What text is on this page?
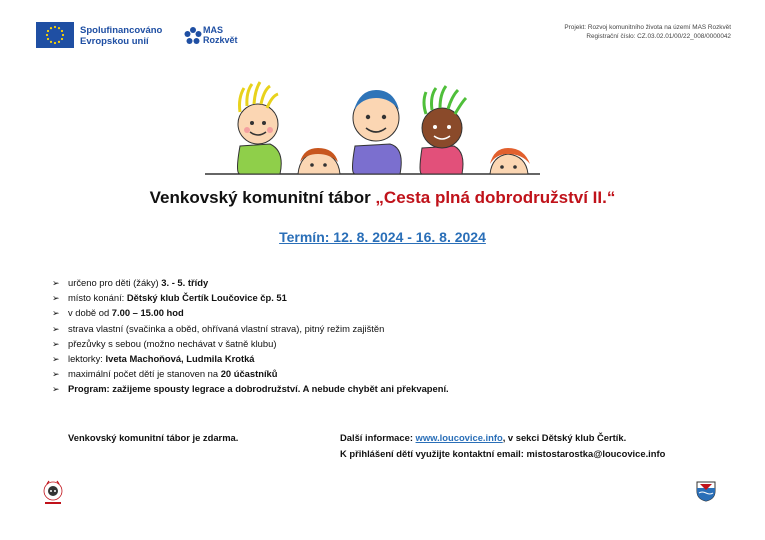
Spolufinancováno
Evropskou unií
MAS
Rozkvět
Projekt: Rozvoj komunitního života na území MAS Rozkvět
Registrační číslo: CZ.03.02.01/00/22_008/0000042
Venkovský komunitní tábor „Cesta plná dobrodružství II.“
Termín: 12. 8. 2024 - 16. 8. 2024
➢ určeno pro děti (žáky) 3. - 5. třídy
➢ místo konání: Dětský klub Čertík Loučovice čp. 51
➢ v době od 7.00 – 15.00 hod
➢ strava vlastní (svačinka a oběd, ohřívaná vlastní strava), pitný režim zajištěn
➢ přezůvky s sebou (možno nechávat v šatně klubu)
➢ lektorky: Iveta Machoňová, Ludmila Krotká
➢ maximální počet dětí je stanoven na 20 účastníků
➢ Program: zažijeme spousty legrace a dobrodružství. A nebude chybět ani překvapení.
Venkovský komunitní tábor je zdarma.	Další informace: www.loucovice.info, v sekci Dětský klub Čertík.
K přihlášení dětí využijte kontaktní email: mistostarostka@loucovice.info
